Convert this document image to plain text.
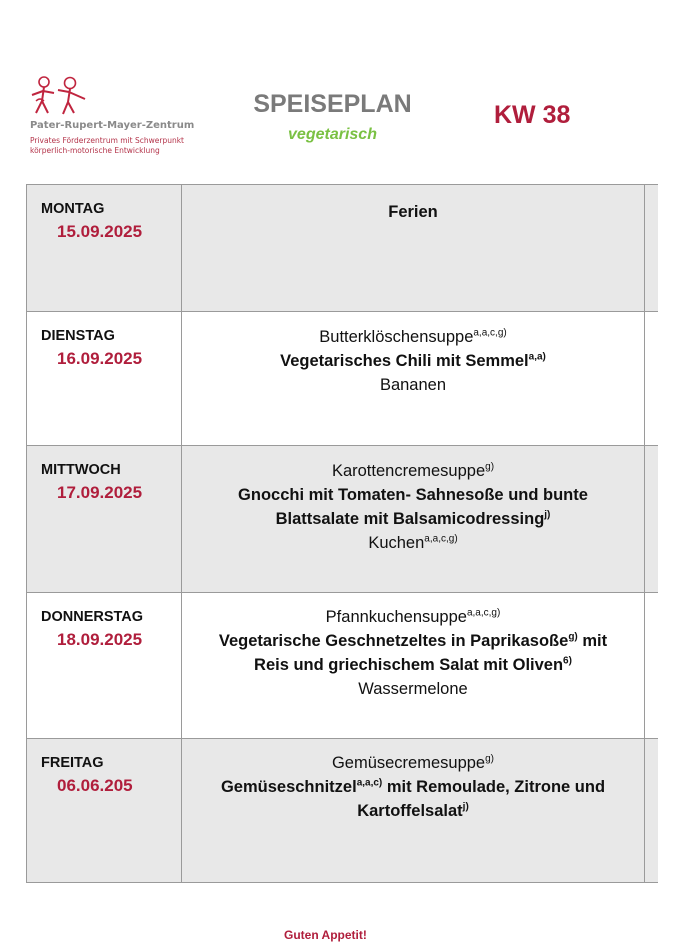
Pater-Rupert-Mayer-Zentrum
Privates Förderzentrum mit Schwerpunkt
körperlich-motorische Entwicklung
SPEISEPLAN
vegetarisch
KW 38
MONTAG
15.09.2025
Ferien
DIENSTAG
16.09.2025
Butterklöschensuppe$^{a,a,c,g)}$
Vegetarisches Chili mit Semmel$^{a,a)}$
Bananen
MITTWOCH
17.09.2025
Karottencremesuppe$^{g)}$
Gnocchi mit Tomaten- Sahnesoße und bunte
Blattsalate mit Balsamicodressing$^{j)}$
Kuchen$^{a,a,c,g)}$
DONNERSTAG
18.09.2025
Pfannkuchensuppe$^{a,a,c,g)}$
Vegetarische Geschnetzeltes in Paprikasoße$^{g)}$ mit
Reis und griechischem Salat mit Oliven$^{6)}$
Wassermelone
FREITAG
06.06.205
Gemüsecremesuppe$^{g)}$
Gemüseschnitzel$^{a,a,c)}$ mit Remoulade, Zitrone und
Kartoffelsalat$^{j)}$
Guten Appetit!
